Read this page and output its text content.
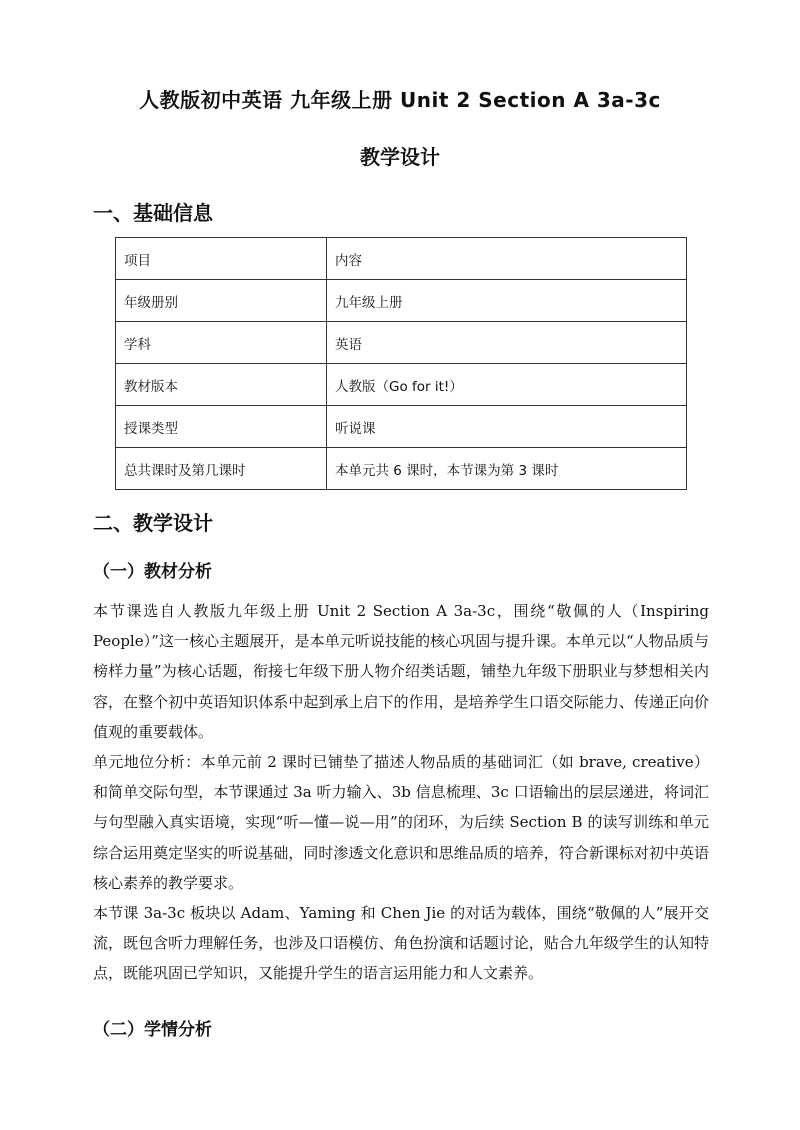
人教版初中英语 九年级上册 Unit 2 Section A 3a-3c
教学设计
一、基础信息
项目	内容
年级册别	九年级上册
学科	英语
教材版本	人教版（Go for it!）
授课类型	听说课
总共课时及第几课时	本单元共 6 课时，本节课为第 3 课时
二、教学设计
（一）教材分析

本节课选自人教版九年级上册 Unit 2 Section A 3a-3c，围绕“敬佩的人（Inspiring People）”这一核心主题展开，是本单元听说技能的核心巩固与提升课。本单元以“人物品质与榜样力量”为核心话题，衔接七年级下册人物介绍类话题，铺垫九年级下册职业与梦想相关内容，在整个初中英语知识体系中起到承上启下的作用，是培养学生口语交际能力、传递正向价值观的重要载体。

单元地位分析：本单元前 2 课时已铺垫了描述人物品质的基础词汇（如 brave, creative）和简单交际句型，本节课通过 3a 听力输入、3b 信息梳理、3c 口语输出的层层递进，将词汇与句型融入真实语境，实现“听—懂—说—用”的闭环，为后续 Section B 的读写训练和单元综合运用奠定坚实的听说基础，同时渗透文化意识和思维品质的培养，符合新课标对初中英语核心素养的教学要求。

本节课 3a-3c 板块以 Adam、Yaming 和 Chen Jie 的对话为载体，围绕“敬佩的人”展开交流，既包含听力理解任务，也涉及口语模仿、角色扮演和话题讨论，贴合九年级学生的认知特点，既能巩固已学知识，又能提升学生的语言运用能力和人文素养。

（二）学情分析
